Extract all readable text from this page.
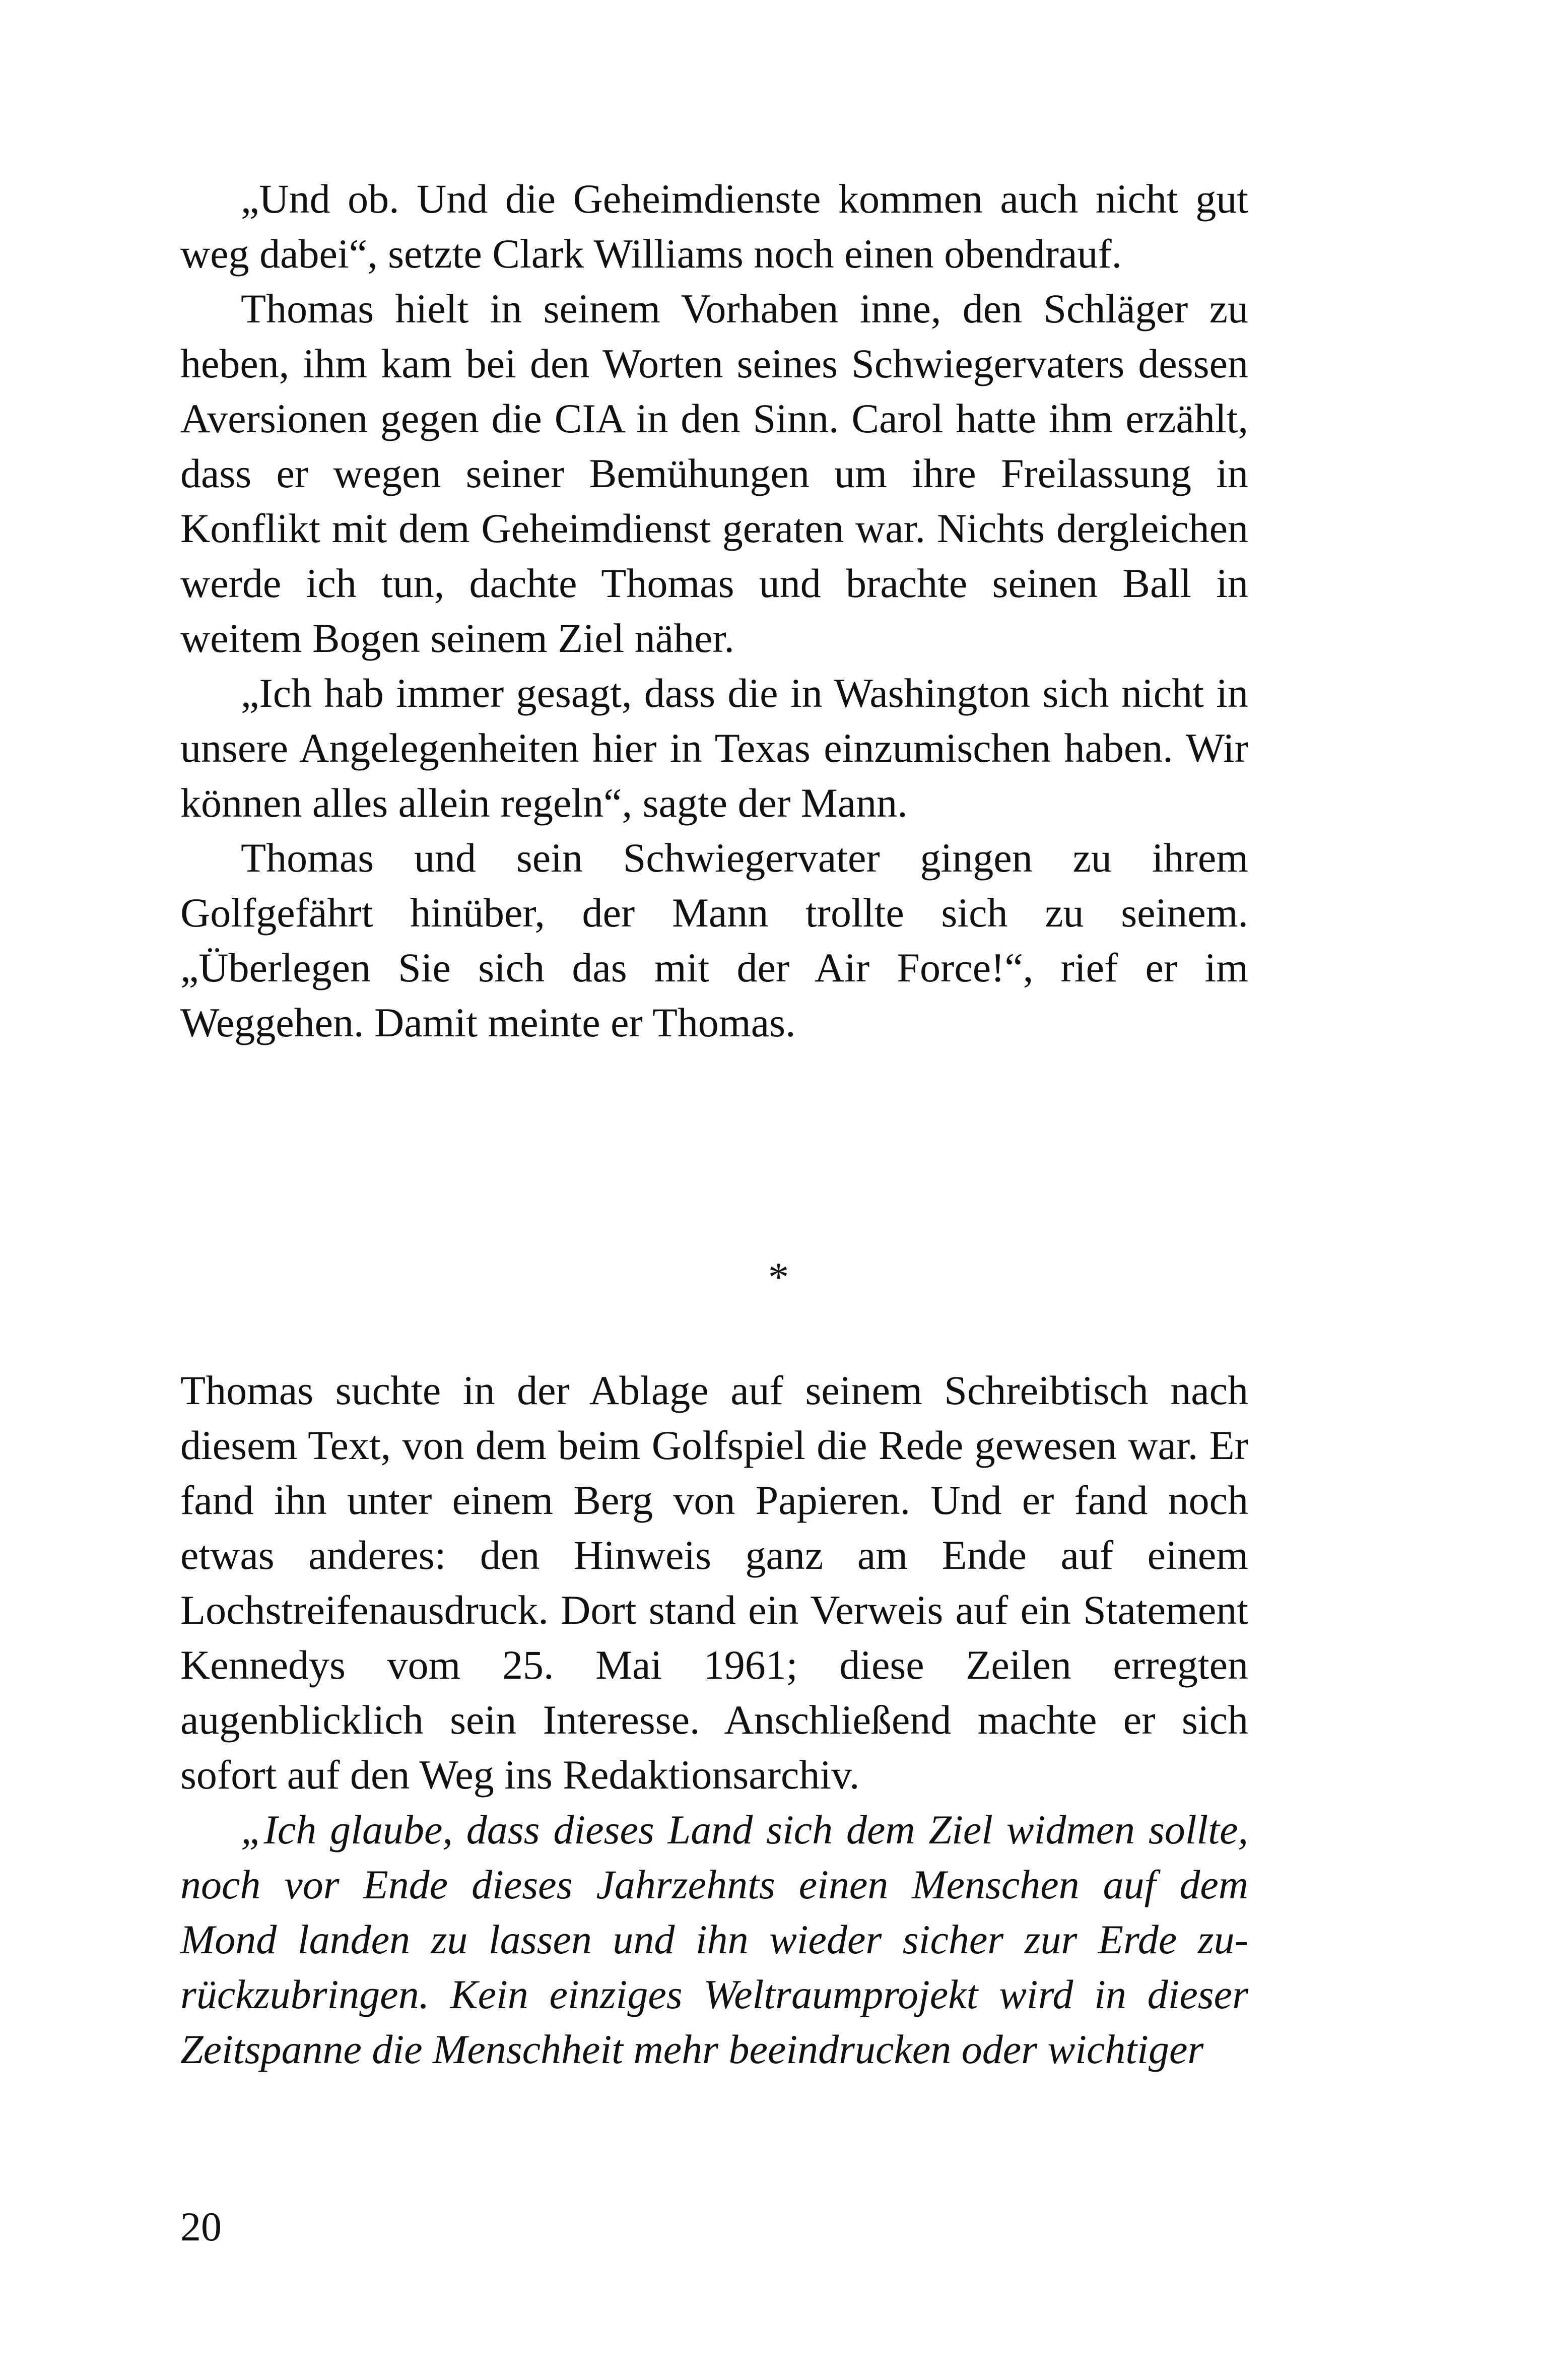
„Und ob. Und die Geheimdienste kommen auch nicht gut weg dabei“, setzte Clark Williams noch einen obendrauf.

Thomas hielt in seinem Vorhaben inne, den Schläger zu heben, ihm kam bei den Worten seines Schwiegervaters dessen Aversionen gegen die CIA in den Sinn. Carol hatte ihm erzählt, dass er wegen seiner Bemühungen um ihre Freilassung in Konflikt mit dem Geheimdienst geraten war. Nichts dergleichen werde ich tun, dachte Thomas und brachte seinen Ball in weitem Bogen seinem Ziel näher.

„Ich hab immer gesagt, dass die in Washington sich nicht in unsere Angelegenheiten hier in Texas einzumischen haben. Wir können alles allein regeln“, sagte der Mann.

Thomas und sein Schwiegervater gingen zu ihrem Golfgefährt hinüber, der Mann trollte sich zu seinem. „Überlegen Sie sich das mit der Air Force!“, rief er im Weggehen. Damit meinte er Thomas.

*

Thomas suchte in der Ablage auf seinem Schreibtisch nach diesem Text, von dem beim Golfspiel die Rede gewesen war. Er fand ihn unter einem Berg von Papieren. Und er fand noch etwas anderes: den Hinweis ganz am Ende auf einem Lochstreifenausdruck. Dort stand ein Verweis auf ein Statement Kennedys vom 25. Mai 1961; diese Zeilen erregten augenblicklich sein Interesse. Anschließend machte er sich sofort auf den Weg ins Redaktionsarchiv.

„Ich glaube, dass dieses Land sich dem Ziel widmen sollte, noch vor Ende dieses Jahrzehnts einen Menschen auf dem Mond landen zu lassen und ihn wieder sicher zur Erde zurückzubringen. Kein einziges Weltraumprojekt wird in dieser Zeitspanne die Menschheit mehr beeindrucken oder wichtiger

20
